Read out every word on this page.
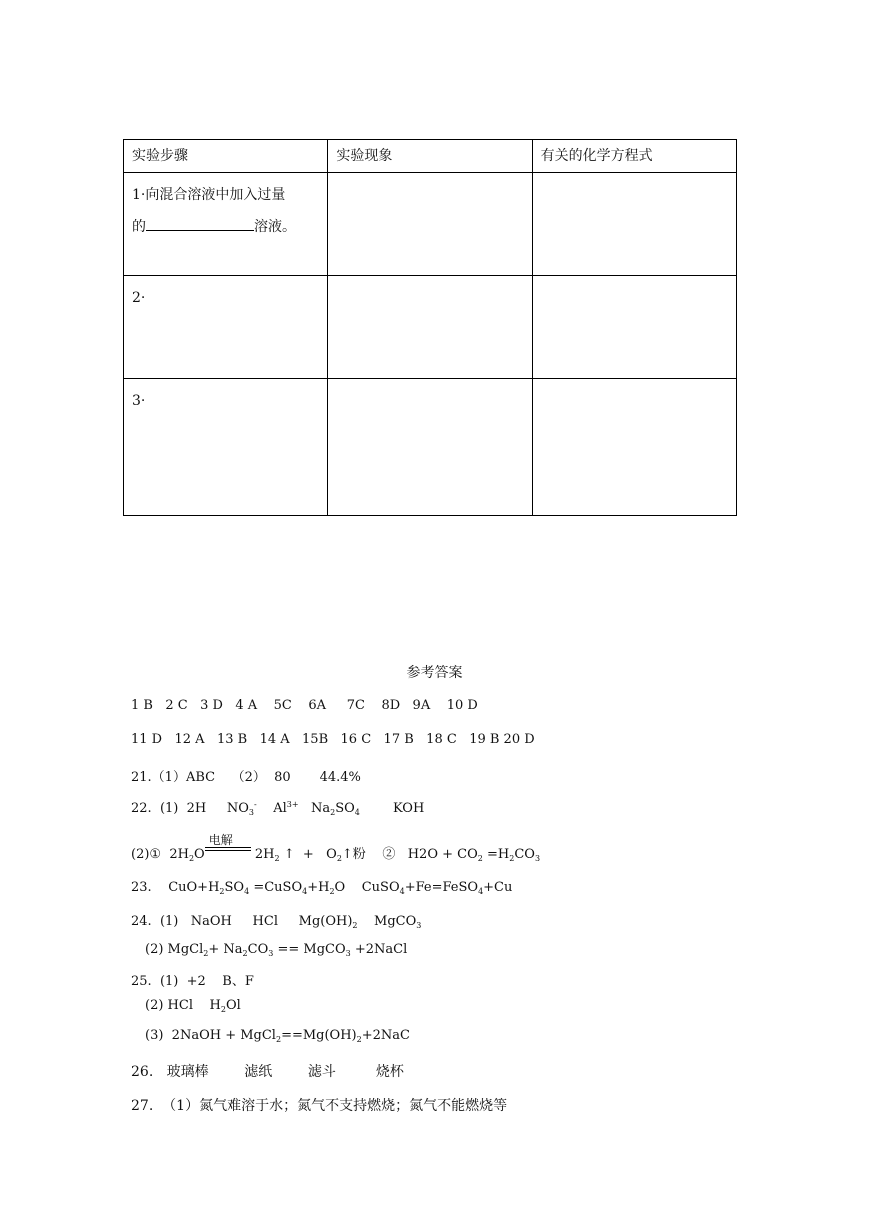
实验步骤	实验现象	有关的化学方程式

1·向混合溶液中加入过量
的 溶液。		

2·		

3·		

参考答案
1 B   2 C   3 D   4 A    5C    6A     7C    8D   9A    10 D
11 D   12 A   13 B   14 A   15B   16 C   17 B   18 C   19 B 20 D
21.（1）ABC    （2）  80       44.4%
22.  (1)  2H     $NO_3^-$    $Al^{3+}$   $Na_2SO_4$        KOH
(2)①  $2H_2O$
电解
$2H_2$ ↑  +   $O_2↑$粉    ②   $H2O + CO_2 =H_2CO_3$
23.    $CuO+H_2SO_4$ $=CuSO_4+H_2O$    CuSO$_4$+Fe=FeSO$_4$+Cu
24.  (1)   NaOH     HCl     $Mg(OH)_2$    MgCO$_3$
(2) MgCl$_2$+ $Na_2CO_3$ == MgCO$_3$ +2NaCl
25.  (1)  +2    B、F
(2) HCl    $H_2Ol$
(3)  2NaOH + $MgCl_2==Mg(OH)_2+2NaC$
26.   玻璃棒        滤纸        滤斗         烧杯
27.  （1）氮气难溶于水；氮气不支持燃烧；氮气不能燃烧等
